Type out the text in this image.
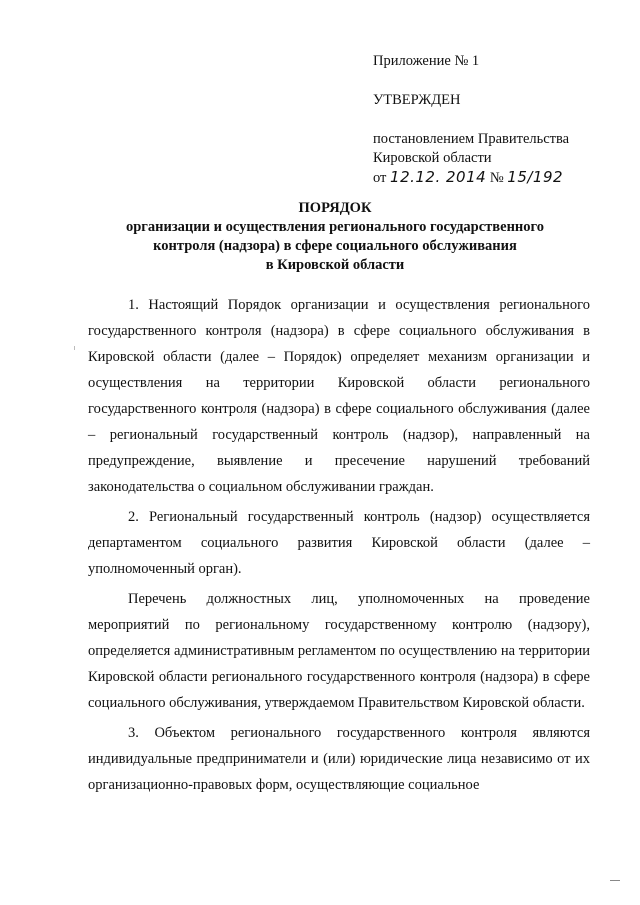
Приложение № 1
УТВЕРЖДЕН
постановлением Правительства
Кировской области
от 12.12. 2014 № 15/192
ПОРЯДОК
организации и осуществления регионального государственного
контроля (надзора) в сфере социального обслуживания
в Кировской области

1. Настоящий Порядок организации и осуществления регионального государственного контроля (надзора) в сфере социального обслуживания в Кировской области (далее – Порядок) определяет механизм организации и осуществления на территории Кировской области регионального государственного контроля (надзора) в сфере социального обслуживания (далее – региональный государственный контроль (надзор), направленный на предупреждение, выявление и пресечение нарушений требований законодательства о социальном обслуживании граждан.

2. Региональный государственный контроль (надзор) осуществляется департаментом социального развития Кировской области (далее – уполномоченный орган).

Перечень должностных лиц, уполномоченных на проведение мероприятий по региональному государственному контролю (надзору), определяется административным регламентом по осуществлению на территории Кировской области регионального государственного контроля (надзора) в сфере социального обслуживания, утверждаемом Правительством Кировской области.

3. Объектом регионального государственного контроля являются индивидуальные предприниматели и (или) юридические лица независимо от их организационно-правовых форм, осуществляющие социальное
